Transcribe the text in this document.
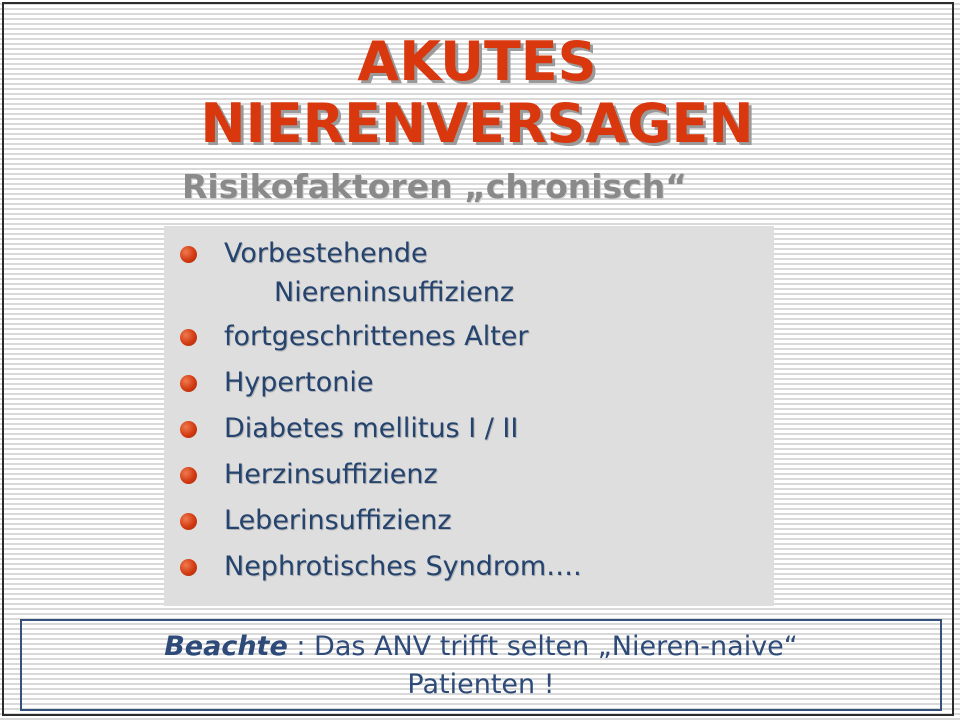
AKUTES
NIERENVERSAGEN
Risikofaktoren „chronisch“
Vorbestehende
Niereninsuffizienz
fortgeschrittenes Alter
Hypertonie
Diabetes mellitus I / II
Herzinsuffizienz
Leberinsuffizienz
Nephrotisches Syndrom….
Beachte : Das ANV trifft selten „Nieren-naive“
Patienten !
